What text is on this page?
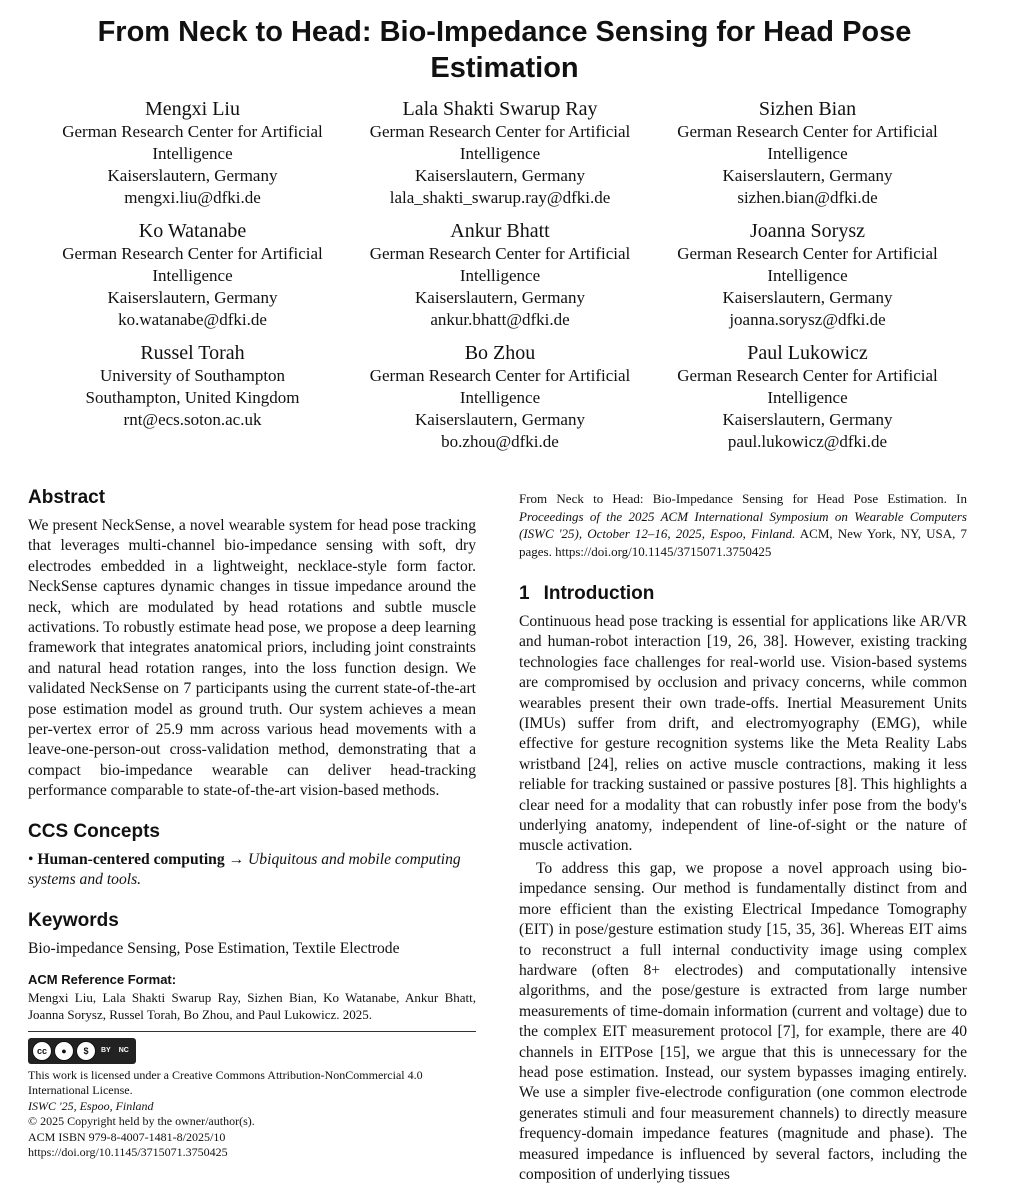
From Neck to Head: Bio-Impedance Sensing for Head Pose Estimation
Mengxi Liu
German Research Center for Artificial
Intelligence
Kaiserslautern, Germany
mengxi.liu@dfki.de
Lala Shakti Swarup Ray
German Research Center for Artificial
Intelligence
Kaiserslautern, Germany
lala_shakti_swarup.ray@dfki.de
Sizhen Bian
German Research Center for Artificial
Intelligence
Kaiserslautern, Germany
sizhen.bian@dfki.de
Ko Watanabe
German Research Center for Artificial
Intelligence
Kaiserslautern, Germany
ko.watanabe@dfki.de
Ankur Bhatt
German Research Center for Artificial
Intelligence
Kaiserslautern, Germany
ankur.bhatt@dfki.de
Joanna Sorysz
German Research Center for Artificial
Intelligence
Kaiserslautern, Germany
joanna.sorysz@dfki.de
Russel Torah
University of Southampton
Southampton, United Kingdom
rnt@ecs.soton.ac.uk
Bo Zhou
German Research Center for Artificial
Intelligence
Kaiserslautern, Germany
bo.zhou@dfki.de
Paul Lukowicz
German Research Center for Artificial
Intelligence
Kaiserslautern, Germany
paul.lukowicz@dfki.de
Abstract

We present NeckSense, a novel wearable system for head pose tracking that leverages multi-channel bio-impedance sensing with soft, dry electrodes embedded in a lightweight, necklace-style form factor. NeckSense captures dynamic changes in tissue impedance around the neck, which are modulated by head rotations and subtle muscle activations. To robustly estimate head pose, we propose a deep learning framework that integrates anatomical priors, including joint constraints and natural head rotation ranges, into the loss function design. We validated NeckSense on 7 participants using the current state-of-the-art pose estimation model as ground truth. Our system achieves a mean per-vertex error of 25.9 mm across various head movements with a leave-one-person-out cross-validation method, demonstrating that a compact bio-impedance wearable can deliver head-tracking performance comparable to state-of-the-art vision-based methods.

CCS Concepts

• Human-centered computing → Ubiquitous and mobile computing systems and tools.

Keywords

Bio-impedance Sensing, Pose Estimation, Textile Electrode

ACM Reference Format:

Mengxi Liu, Lala Shakti Swarup Ray, Sizhen Bian, Ko Watanabe, Ankur Bhatt, Joanna Sorysz, Russel Torah, Bo Zhou, and Paul Lukowicz. 2025.

cc	●	$	BY NC

This work is licensed under a Creative Commons Attribution-NonCommercial 4.0 International License.

ISWC '25, Espoo, Finland

© 2025 Copyright held by the owner/author(s).

ACM ISBN 979-8-4007-1481-8/2025/10

https://doi.org/10.1145/3715071.3750425

From Neck to Head: Bio-Impedance Sensing for Head Pose Estimation. In Proceedings of the 2025 ACM International Symposium on Wearable Computers (ISWC '25), October 12–16, 2025, Espoo, Finland. ACM, New York, NY, USA, 7 pages. https://doi.org/10.1145/3715071.3750425

1 Introduction

Continuous head pose tracking is essential for applications like AR/VR and human-robot interaction [19, 26, 38]. However, existing tracking technologies face challenges for real-world use. Vision-based systems are compromised by occlusion and privacy concerns, while common wearables present their own trade-offs. Inertial Measurement Units (IMUs) suffer from drift, and electromyography (EMG), while effective for gesture recognition systems like the Meta Reality Labs wristband [24], relies on active muscle contractions, making it less reliable for tracking sustained or passive postures [8]. This highlights a clear need for a modality that can robustly infer pose from the body's underlying anatomy, independent of line-of-sight or the nature of muscle activation.

To address this gap, we propose a novel approach using bio-impedance sensing. Our method is fundamentally distinct from and more efficient than the existing Electrical Impedance Tomography (EIT) in pose/gesture estimation study [15, 35, 36]. Whereas EIT aims to reconstruct a full internal conductivity image using complex hardware (often 8+ electrodes) and computationally intensive algorithms, and the pose/gesture is extracted from large number measurements of time-domain information (current and voltage) due to the complex EIT measurement protocol [7], for example, there are 40 channels in EITPose [15], we argue that this is unnecessary for the head pose estimation. Instead, our system bypasses imaging entirely. We use a simpler five-electrode configuration (one common electrode generates stimuli and four measurement channels) to directly measure frequency-domain impedance features (magnitude and phase). The measured impedance is influenced by several factors, including the composition of underlying tissues
